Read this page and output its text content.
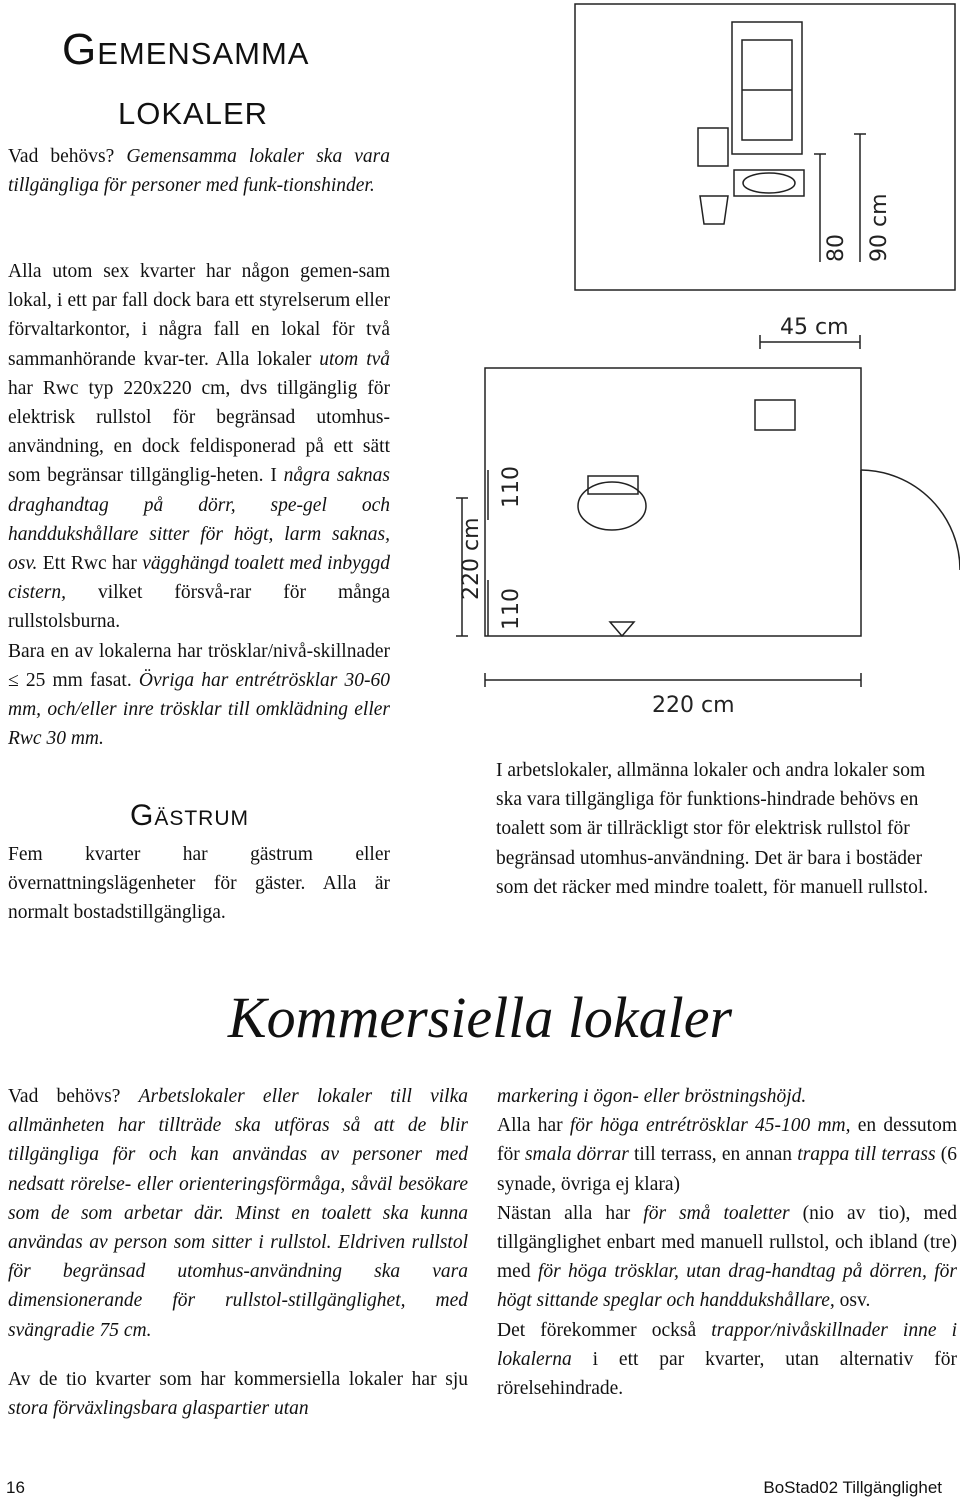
Gemensamma
lokaler

Vad behövs? Gemensamma lokaler ska vara tillgängliga för personer med funk-tionshinder.

Alla utom sex kvarter har någon gemen-sam lokal, i ett par fall dock bara ett styrelserum eller förvaltarkontor, i några fall en lokal för två sammanhörande kvar-ter. Alla lokaler utom två har Rwc typ 220x220 cm, dvs tillgänglig för elektrisk rullstol för begränsad utomhus-användning, en dock feldisponerad på ett sätt som begränsar tillgänglig-heten. I några saknas draghandtag på dörr, spe-gel och handdukshållare sitter för högt, larm saknas, osv. Ett Rwc har vägghängd toalett med inbyggd cistern, vilket försvå-rar för många rullstolsburna.

Bara en av lokalerna har trösklar/nivå-skillnader ≤ 25 mm fasat. Övriga har entrétrösklar 30-60 mm, och/eller inre trösklar till omklädning eller Rwc 30 mm.

Gästrum

Fem kvarter har gästrum eller övernattningslägenheter för gäster. Alla är normalt bostadstillgängliga.

80 90 cm
45 cm
110
220 cm
110
220 cm

I arbetslokaler, allmänna lokaler och andra lokaler som ska vara tillgängliga för funktions-hindrade behövs en toalett som är tillräckligt stor för elektrisk rullstol för begränsad utomhus-användning. Det är bara i bostäder som det räcker med mindre toalett, för manuell rullstol.

Kommersiella lokaler

Vad behövs? Arbetslokaler eller lokaler till vilka allmänheten har tillträde ska utföras så att de blir tillgängliga för och kan användas av personer med nedsatt rörelse- eller orienteringsförmåga, såväl besökare som de som arbetar där. Minst en toalett ska kunna användas av person som sitter i rullstol. Eldriven rullstol för begränsad utomhus-användning ska vara dimensionerande för rullstol-stillgänglighet, med svängradie 75 cm.

Av de tio kvarter som har kommersiella lokaler har sju stora förväxlingsbara glaspartier utan

markering i ögon- eller bröstningshöjd.

Alla har för höga entrétrösklar 45-100 mm, en dessutom för smala dörrar till terrass, en annan trappa till terrass (6 synade, övriga ej klara)

Nästan alla har för små toaletter (nio av tio), med tillgänglighet enbart med manuell rullstol, och ibland (tre) med för höga trösklar, utan drag-handtag på dörren, för högt sittande speglar och handdukshållare, osv.

Det förekommer också trappor/nivåskillnader inne i lokalerna i ett par kvarter, utan alternativ för rörelsehindrade.

16	BoStad02 Tillgänglighet
